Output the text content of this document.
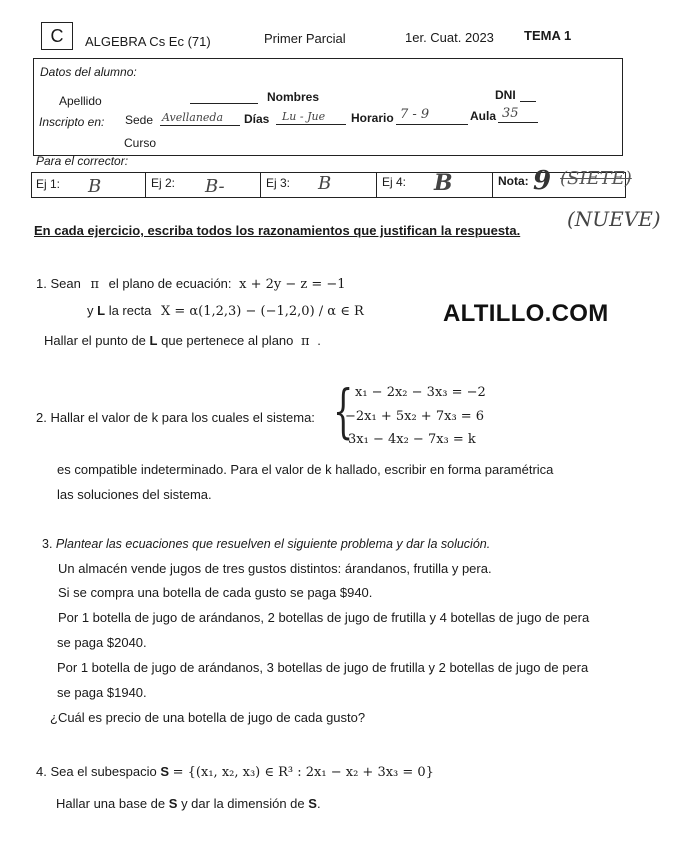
C	ALGEBRA Cs Ec (71)	Primer Parcial	1er. Cuat. 2023 TEMA 1
Datos del alumno:
Apellido	Nombres	DNI
Inscripto en: Sede Avellaneda Días Lu - Jue Horario 7 - 9	Aula 35
Curso
Para el corrector:
Ej 1: B	Ej 2: B-	Ej 3: B	Ej 4: B	Nota: 9 (SIETE)
(NUEVE)
En cada ejercicio, escriba todos los razonamientos que justifican la respuesta.
ALTILLO.COM
1. Sean π el plano de ecuación: x + 2y − z = −1
y L la recta X = α(1,2,3) − (−1,2,0) / α ∈ R
Hallar el punto de L que pertenece al plano π .
2. Hallar el valor de k para los cuales el sistema: { x₁ − 2x₂ − 3x₃ = −2
−2x₁ + 5x₂ + 7x₃ = 6
3x₁ − 4x₂ − 7x₃ = k
es compatible indeterminado. Para el valor de k hallado, escribir en forma paramétrica
las soluciones del sistema.
3. Plantear las ecuaciones que resuelven el siguiente problema y dar la solución.
Un almacén vende jugos de tres gustos distintos: árandanos, frutilla y pera.
Si se compra una botella de cada gusto se paga $940.
Por 1 botella de jugo de arándanos, 2 botellas de jugo de frutilla y 4 botellas de jugo de pera
se paga $2040.
Por 1 botella de jugo de arándanos, 3 botellas de jugo de frutilla y 2 botellas de jugo de pera
se paga $1940.
¿Cuál es precio de una botella de jugo de cada gusto?
4. Sea el subespacio S = {(x₁, x₂, x₃) ∈ R³ : 2x₁ − x₂ + 3x₃ = 0}
Hallar una base de S y dar la dimensión de S.
